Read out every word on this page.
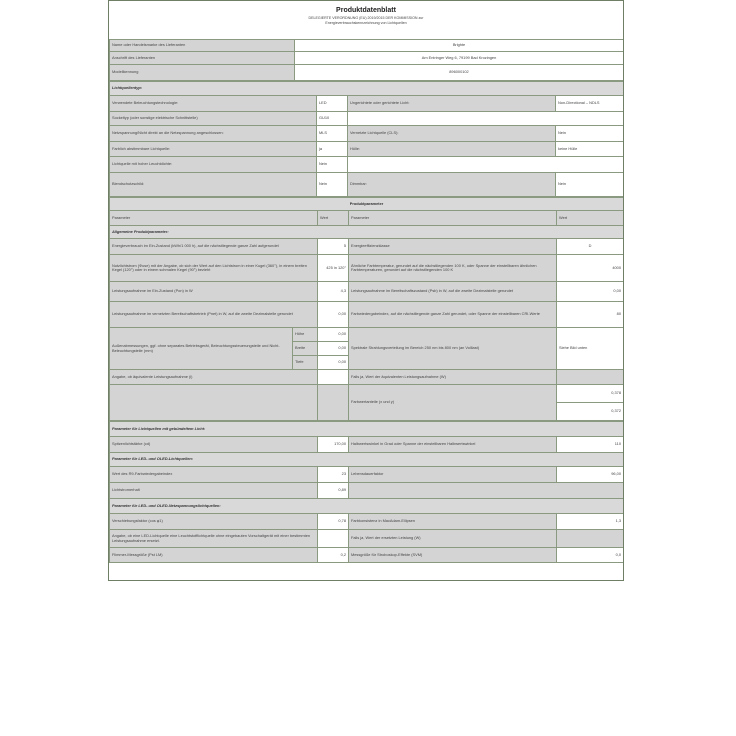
Produktdatenblatt
DELEGIERTE VERORDNUNG (EU) 2019/2015 DER KOMMISSION zur
Energieverbrauchskennzeichnung von Lichtquellen
Name oder Handelsmarke des Lieferanten	Brighte
Anschrift des Lieferanten	Am Entringer Weg 6, 79199 Bad Krozingen
Modellkennung	896000102
Lichtquellentyp:			
Verwendete Beleuchtungstechnologie:	LED	Ungerichtete oder gerichtete Licht:	Non-Directional – NDLS
Sockeltyp (oder sonstige elektrische Schnittstelle)	GU10		
Netzspannung/Nicht direkt an die Netzspannung angeschlossen:	MLS	Vernetzte Lichtquelle (CLS):	Nein
Farblich abstimmbare Lichtquelle:	ja	Hülle:	keine Hülle
Lichtquelle mit hoher Leuchtdichte:	Nein		
Blendschutzschild:	Nein	Dimmbar:	Nein
Produktparameter				
Parameter		Wert	Parameter	Wert
Allgemeine Produktparameter:				
Energieverbrauch im Ein-Zustand (kWh/1 000 h), auf die nächstliegende ganze Zahl aufgerundet		5	Energieeffizienzklasse	D
Nutzlichtstrom (Φuse) mit der Angabe, ob sich der Wert auf den Lichtstrom in einer Kugel (360°), in einem breiten Kegel (120°) oder in einem schmalen Kegel (90°) bezieht		425 in 120°	Ähnliche Farbtemperatur, gerundet auf die nächstliegenden 100 K, oder Spanne der einstellbaren ähnlichen Farbtemperaturen, gerundet auf die nächstliegenden 100 K	4000
Leistungsaufnahme im Ein-Zustand (Pon) in W		4,3	Leistungsaufnahme im Bereitschaftszustand (Psb) in W, auf die zweite Dezimalstelle gerundet	0,00
Leistungsaufnahme im vernetzten Bereitschaftsbetrieb (Pnet) in W, auf die zweite Dezimalstelle gerundet		0,00	Farbwiedergabeindex, auf die nächstliegende ganze Zahl gerundet, oder Spanne der einstellbaren CRI-Werte	80
Außenabmessungen, ggf. ohne separates Betriebsgerät, Beleuchtungssteuerungsteile und Nicht-Beleuchtungsteile (mm)	Höhe	0,00	Spektrale Strahlungsverteilung im Bereich 250 nm bis 800 nm (an Volllast)	Siehe Bild unten
	Breite	0,00		
	Tiefe	0,00		
Angabe, ob äquivalente Leistungsaufnahme (i)			Falls ja, Wert der äquivalenten Leistungsaufnahme (W)	
			Farbwertanteile (x und y)	0,378
				0,372
Parameter für Lichtquellen mit gebündeltem Licht:			
Spitzenlichtstärke (cd)	170,00	Halbwertswinkel in Grad oder Spanne der einstellbaren Halbwertswinkel	110
Parameter für LED- und OLED-Lichtquellen:			
Wert des R9-Farbwiedergabeindex	23	Lebensdauerfaktor	96,00
Lichtstromerhalt	0,89		
Parameter für LED- und OLED-Netzspannungslichtquellen:			
Verschiebungsfaktor (cos φ1)	0,78	Farbkonsistenz in MacAdam-Ellipsen	1,3
Angabe, ob eine LED-Lichtquelle eine Leuchtstofflichtquelle ohne eingebauten Vorschaltgerät mit einer bestimmten Leistungsaufnahme ersetzt.		Falls ja, Wert der ersetzten Leistung (W)	
Flimmer-Messgröße (Pst LM)	0,2	Messgröße für Stroboskop-Effekte (SVM)	0,0
